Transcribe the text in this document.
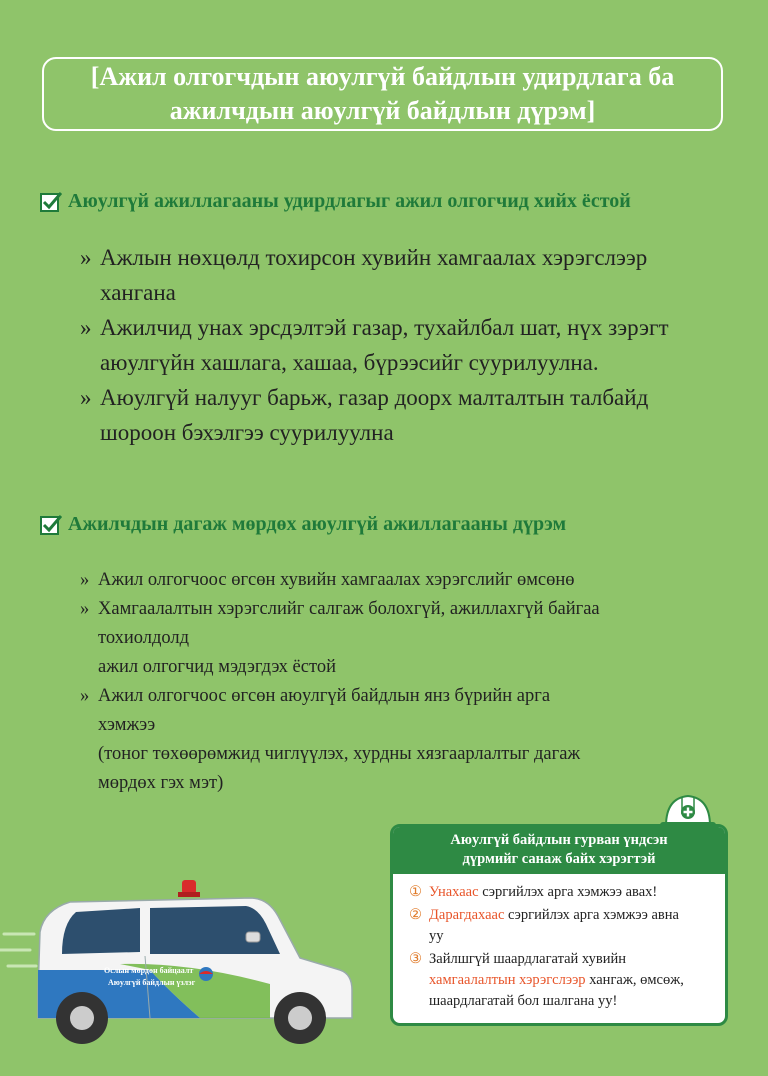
[Ажил олгогчдын аюулгүй байдлын удирдлага ба
ажилчдын аюулгүй байдлын дүрэм]
Аюулгүй ажиллагааны удирдлагыг ажил олгогчид хийх ёстой
» Ажлын нөхцөлд тохирсон хувийн хамгаалах хэрэгслээр
хангана
» Ажилчид унах эрсдэлтэй газар, тухайлбал шат, нүх зэрэгт
аюулгүйн хашлага, хашаа, бүрээсийг суурилуулна.
» Аюулгүй налууг барьж, газар доорх малталтын талбайд
шороон бэхэлгээ суурилуулна
Ажилчдын дагаж мөрдөх аюулгүй ажиллагааны дүрэм
» Ажил олгогчоос өгсөн хувийн хамгаалах хэрэгслийг өмсөнө
» Хамгаалалтын хэрэгслийг салгаж болохгүй, ажиллахгүй байгаа
тохиолдолд
ажил олгогчид мэдэгдэх ёстой
» Ажил олгогчоос өгсөн аюулгүй байдлын янз бүрийн арга
хэмжээ
(тоног төхөөрөмжид чиглүүлэх, хурдны хязгаарлалтыг дагаж
мөрдөх гэх мэт)
Аюулгүй байдлын гурван үндсэн
дүрмийг санаж байх хэрэгтэй
① Унахаас сэргийлэх арга хэмжээ авах!
② Дарагдахаас сэргийлэх арга хэмжээ авна
уу
③ Зайлшгүй шаардлагатай хувийн
хамгаалалтын хэрэгслээр хангаж, өмсөж,
шаардлагатай бол шалгана уу!
Ослын мөрдөн байцаалт
Аюулгүй байдлын үзлэг
